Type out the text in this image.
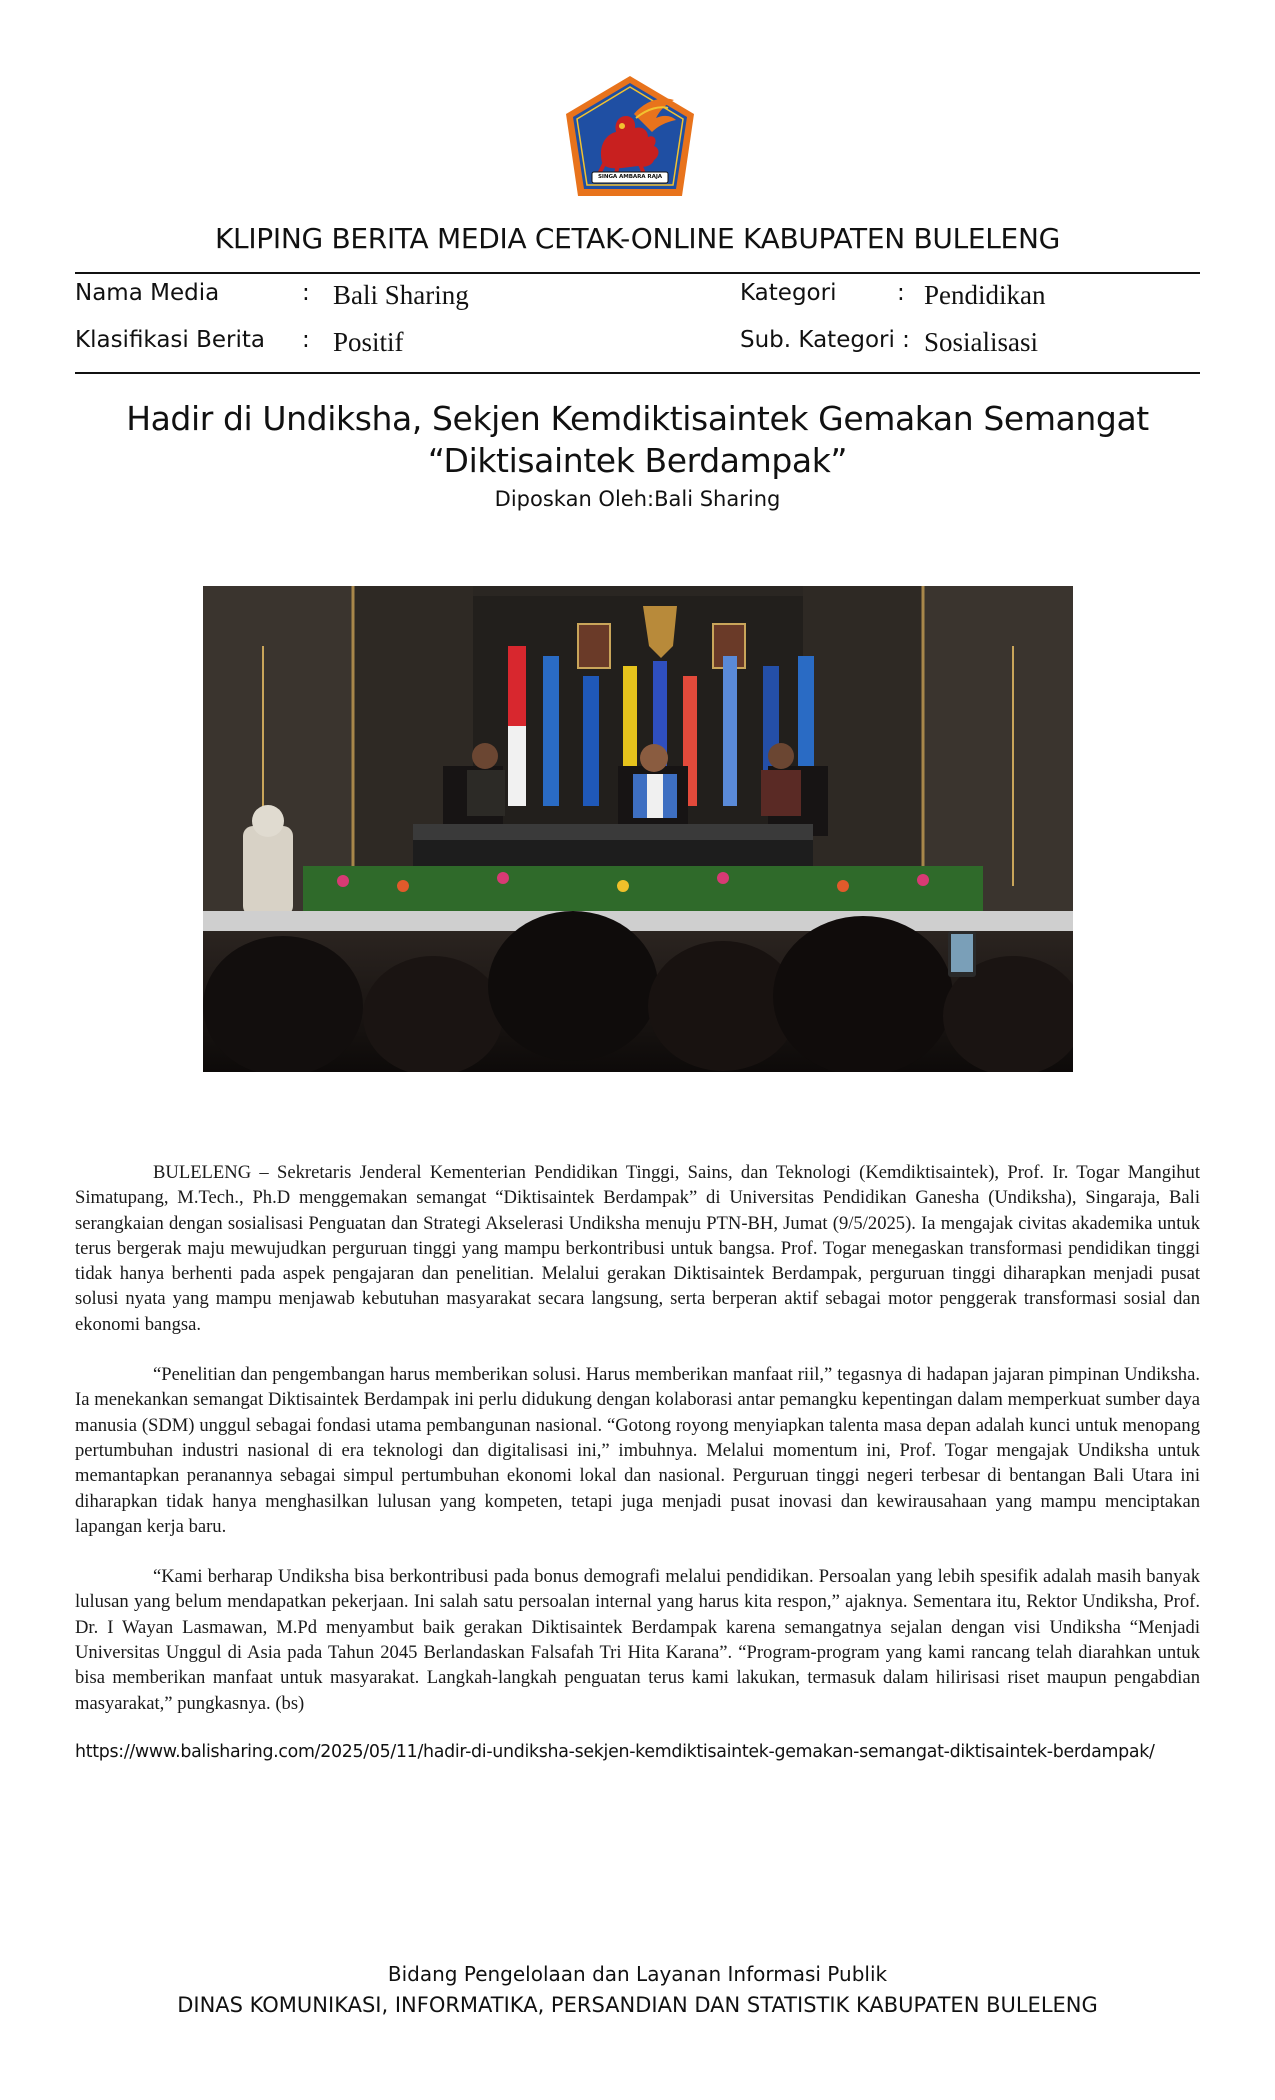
SINGA AMBARA RAJA
KLIPING BERITA MEDIA CETAK-ONLINE KABUPATEN BULELENG
Nama Media	: Bali Sharing	Kategori	: Pendidikan
Klasifikasi Berita : Positif	Sub. Kategori : Sosialisasi
Hadir di Undiksha, Sekjen Kemdiktisaintek Gemakan Semangat
“Diktisaintek Berdampak”
Diposkan Oleh:Bali Sharing

BULELENG – Sekretaris Jenderal Kementerian Pendidikan Tinggi, Sains, dan Teknologi (Kemdiktisaintek), Prof. Ir. Togar Mangihut Simatupang, M.Tech., Ph.D menggemakan semangat “Diktisaintek Berdampak” di Universitas Pendidikan Ganesha (Undiksha), Singaraja, Bali serangkaian dengan sosialisasi Penguatan dan Strategi Akselerasi Undiksha menuju PTN-BH, Jumat (9/5/2025). Ia mengajak civitas akademika untuk terus bergerak maju mewujudkan perguruan tinggi yang mampu berkontribusi untuk bangsa. Prof. Togar menegaskan transformasi pendidikan tinggi tidak hanya berhenti pada aspek pengajaran dan penelitian. Melalui gerakan Diktisaintek Berdampak, perguruan tinggi diharapkan menjadi pusat solusi nyata yang mampu menjawab kebutuhan masyarakat secara langsung, serta berperan aktif sebagai motor penggerak transformasi sosial dan ekonomi bangsa.

“Penelitian dan pengembangan harus memberikan solusi. Harus memberikan manfaat riil,” tegasnya di hadapan jajaran pimpinan Undiksha. Ia menekankan semangat Diktisaintek Berdampak ini perlu didukung dengan kolaborasi antar pemangku kepentingan dalam memperkuat sumber daya manusia (SDM) unggul sebagai fondasi utama pembangunan nasional. “Gotong royong menyiapkan talenta masa depan adalah kunci untuk menopang pertumbuhan industri nasional di era teknologi dan digitalisasi ini,” imbuhnya. Melalui momentum ini, Prof. Togar mengajak Undiksha untuk memantapkan peranannya sebagai simpul pertumbuhan ekonomi lokal dan nasional. Perguruan tinggi negeri terbesar di bentangan Bali Utara ini diharapkan tidak hanya menghasilkan lulusan yang kompeten, tetapi juga menjadi pusat inovasi dan kewirausahaan yang mampu menciptakan lapangan kerja baru.

“Kami berharap Undiksha bisa berkontribusi pada bonus demografi melalui pendidikan. Persoalan yang lebih spesifik adalah masih banyak lulusan yang belum mendapatkan pekerjaan. Ini salah satu persoalan internal yang harus kita respon,” ajaknya. Sementara itu, Rektor Undiksha, Prof. Dr. I Wayan Lasmawan, M.Pd menyambut baik gerakan Diktisaintek Berdampak karena semangatnya sejalan dengan visi Undiksha “Menjadi Universitas Unggul di Asia pada Tahun 2045 Berlandaskan Falsafah Tri Hita Karana”. “Program-program yang kami rancang telah diarahkan untuk bisa memberikan manfaat untuk masyarakat. Langkah-langkah penguatan terus kami lakukan, termasuk dalam hilirisasi riset maupun pengabdian masyarakat,” pungkasnya. (bs)

https://www.balisharing.com/2025/05/11/hadir-di-undiksha-sekjen-kemdiktisaintek-gemakan-semangat-diktisaintek-berdampak/
Bidang Pengelolaan dan Layanan Informasi Publik
DINAS KOMUNIKASI, INFORMATIKA, PERSANDIAN DAN STATISTIK KABUPATEN BULELENG
